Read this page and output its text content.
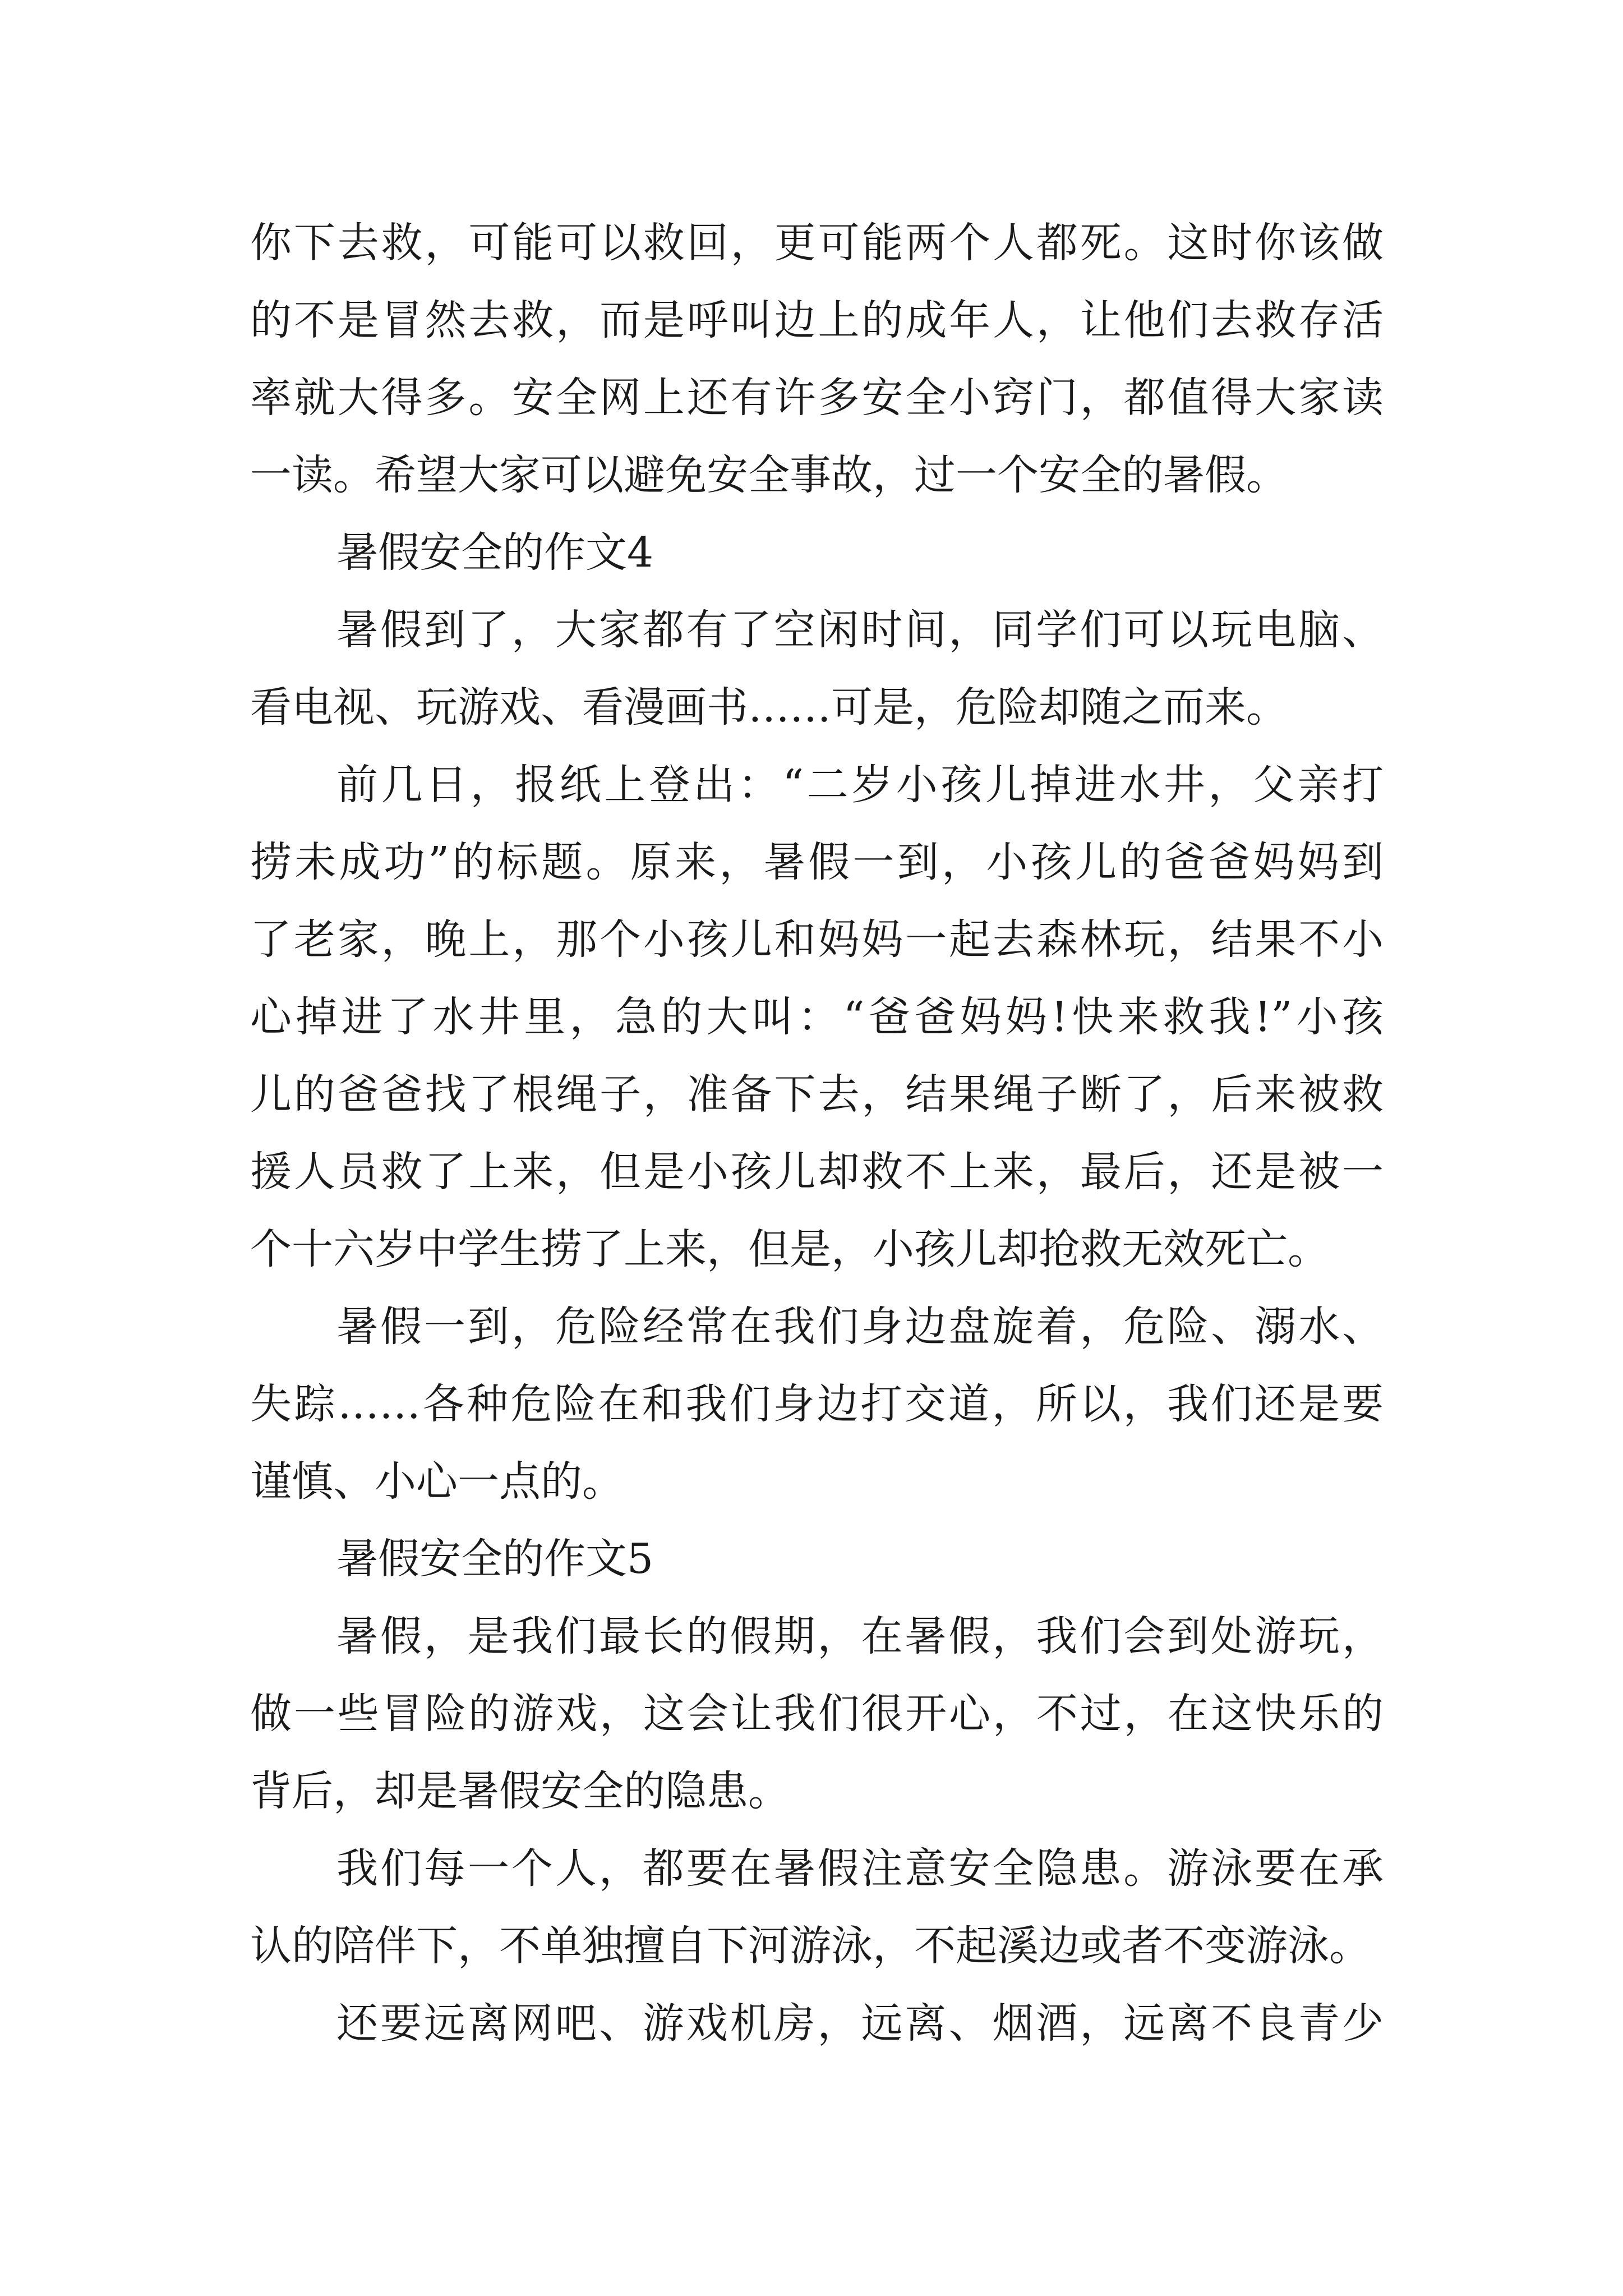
你下去救，可能可以救回，更可能两个人都死。这时你该做
的不是冒然去救，而是呼叫边上的成年人，让他们去救存活
率就大得多。安全网上还有许多安全小窍门，都值得大家读
一读。希望大家可以避免安全事故，过一个安全的暑假。
暑假安全的作文4
暑假到了，大家都有了空闲时间，同学们可以玩电脑、
看电视、玩游戏、看漫画书……可是，危险却随之而来。
前几日，报纸上登出：“二岁小孩儿掉进水井，父亲打
捞未成功”的标题。原来，暑假一到，小孩儿的爸爸妈妈到
了老家，晚上，那个小孩儿和妈妈一起去森林玩，结果不小
心掉进了水井里，急的大叫：“爸爸妈妈!快来救我!”小孩
儿的爸爸找了根绳子，准备下去，结果绳子断了，后来被救
援人员救了上来，但是小孩儿却救不上来，最后，还是被一
个十六岁中学生捞了上来，但是，小孩儿却抢救无效死亡。
暑假一到，危险经常在我们身边盘旋着，危险、溺水、
失踪……各种危险在和我们身边打交道，所以，我们还是要
谨慎、小心一点的。
暑假安全的作文5
暑假，是我们最长的假期，在暑假，我们会到处游玩，
做一些冒险的游戏，这会让我们很开心，不过，在这快乐的
背后，却是暑假安全的隐患。
我们每一个人，都要在暑假注意安全隐患。游泳要在承
认的陪伴下，不单独擅自下河游泳，不起溪边或者不变游泳。
还要远离网吧、游戏机房，远离、烟酒，远离不良青少
